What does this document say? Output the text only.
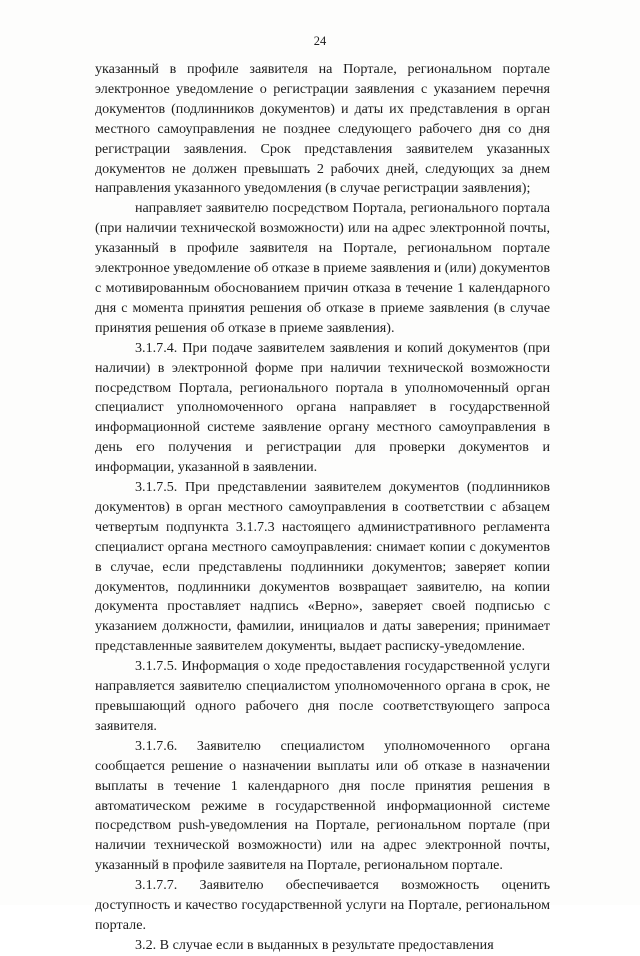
24

указанный в профиле заявителя на Портале, региональном портале электронное уведомление о регистрации заявления с указанием перечня документов (подлинников документов) и даты их представления в орган местного самоуправления не позднее следующего рабочего дня со дня регистрации заявления. Срок представления заявителем указанных документов не должен превышать 2 рабочих дней, следующих за днем направления указанного уведомления (в случае регистрации заявления);

направляет заявителю посредством Портала, регионального портала (при наличии технической возможности) или на адрес электронной почты, указанный в профиле заявителя на Портале, региональном портале электронное уведомление об отказе в приеме заявления и (или) документов с мотивированным обоснованием причин отказа в течение 1 календарного дня с момента принятия решения об отказе в приеме заявления (в случае принятия решения об отказе в приеме заявления).

3.1.7.4. При подаче заявителем заявления и копий документов (при наличии) в электронной форме при наличии технической возможности посредством Портала, регионального портала в уполномоченный орган специалист уполномоченного органа направляет в государственной информационной системе заявление органу местного самоуправления в день его получения и регистрации для проверки документов и информации, указанной в заявлении.

3.1.7.5. При представлении заявителем документов (подлинников документов) в орган местного самоуправления в соответствии с абзацем четвертым подпункта 3.1.7.3 настоящего административного регламента специалист органа местного самоуправления: снимает копии с документов в случае, если представлены подлинники документов; заверяет копии документов, подлинники документов возвращает заявителю, на копии документа проставляет надпись «Верно», заверяет своей подписью с указанием должности, фамилии, инициалов и даты заверения; принимает представленные заявителем документы, выдает расписку-уведомление.

3.1.7.5. Информация о ходе предоставления государственной услуги направляется заявителю специалистом уполномоченного органа в срок, не превышающий одного рабочего дня после соответствующего запроса заявителя.

3.1.7.6. Заявителю специалистом уполномоченного органа сообщается решение о назначении выплаты или об отказе в назначении выплаты в течение 1 календарного дня после принятия решения в автоматическом режиме в государственной информационной системе посредством push-уведомления на Портале, региональном портале (при наличии технической возможности) или на адрес электронной почты, указанный в профиле заявителя на Портале, региональном портале.

3.1.7.7. Заявителю обеспечивается возможность оценить доступность и качество государственной услуги на Портале, региональном портале.

3.2. В случае если в выданных в результате предоставления
